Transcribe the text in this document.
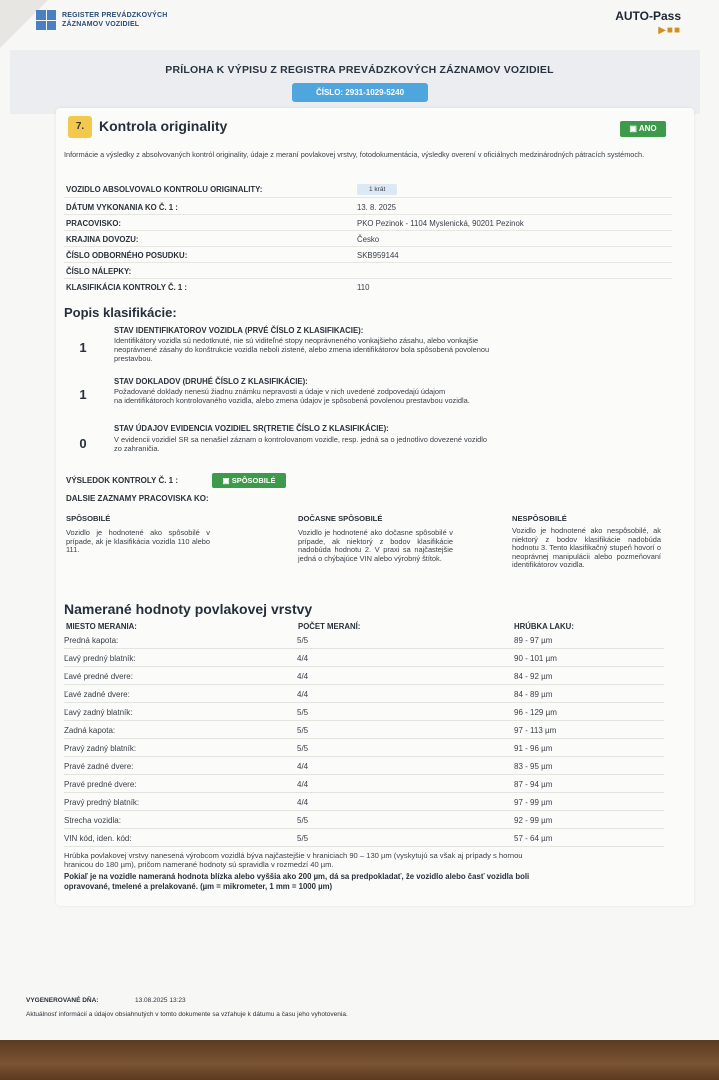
REGISTER PREVÁDZKOVÝCH
ZÁZNAMOV VOZIDIEL
AUTO-Pass
▶■■
PRÍLOHA K VÝPISU Z REGISTRA PREVÁDZKOVÝCH ZÁZNAMOV VOZIDIEL
ČÍSLO: 2931-1029-5240
7.	Kontrola originality	▣ ANO
Informácie a výsledky z absolvovaných kontról originality, údaje z meraní povlakovej vrstvy, fotodokumentácia, výsledky overení v oficiálnych medzinárodných pátracích systémoch.
VOZIDLO ABSOLVOVALO KONTROLU ORIGINALITY:	1 krát
DÁTUM VYKONANIA KO Č. 1 :	13. 8. 2025
PRACOVISKO:	PKO Pezinok - 1104 Myslenická, 90201 Pezinok
KRAJINA DOVOZU:	Česko
ČÍSLO ODBORNÉHO POSUDKU:	SKB959144
ČÍSLO NÁLEPKY:
KLASIFIKÁCIA KONTROLY Č. 1 :	110
Popis klasifikácie:
1
STAV IDENTIFIKATOROV VOZIDLA (PRVÉ ČÍSLO Z KLASIFIKACIE):
Identifikátory vozidla sú nedotknuté, nie sú viditeľné stopy neoprávneného vonkajšieho zásahu, alebo vonkajšie
neoprávnené zásahy do konštrukcie vozidla neboli zistené, alebo zmena identifikátorov bola spôsobená povolenou
prestavbou.
1
STAV DOKLADOV (DRUHÉ ČÍSLO Z KLASIFIKÁCIE):
Požadované doklady nenesú žiadnu známku nepravosti a údaje v nich uvedené zodpovedajú údajom
na identifikátoroch kontrolovaného vozidla, alebo zmena údajov je spôsobená povolenou prestavbou vozidla.
0
STAV ÚDAJOV EVIDENCIA VOZIDIEL SR(TRETIE ČÍSLO Z KLASIFIKÁCIE):
V evidencii vozidiel SR sa nenašiel záznam o kontrolovanom vozidle, resp. jedná sa o jednotlivo dovezené vozidlo
zo zahraničia.
VÝSLEDOK KONTROLY Č. 1 :	▣ SPÔSOBILÉ
DALSIE ZAZNAMY PRACOVISKA KO:
SPÔSOBILÉ
Vozidlo je hodnotené ako spôsobilé v prípade, ak je klasifikácia vozidla 110 alebo 111.
DOČASNE SPÔSOBILÉ
Vozidlo je hodnotené ako dočasne spôsobilé v prípade, ak niektorý z bodov klasifikácie nadobúda hodnotu 2. V praxi sa najčastejšie jedná o chýbajúce VIN alebo výrobný štítok.
NESPÔSOBILÉ
Vozidlo je hodnotené ako nespôsobilé, ak niektorý z bodov klasifikácie nadobúda hodnotu 3. Tento klasifikačný stupeň hovorí o neoprávnej manipulácii alebo pozmeňovaní identifikátorov vozidla.
Namerané hodnoty povlakovej vrstvy
MIESTO MERANIA:	POČET MERANÍ:	HRÚBKA LAKU:
Predná kapota:	5/5	89 - 97 µm
Ľavý predný blatník:	4/4	90 - 101 µm
Ľavé predné dvere:	4/4	84 - 92 µm
Ľavé zadné dvere:	4/4	84 - 89 µm
Ľavý zadný blatník:	5/5	96 - 129 µm
Zadná kapota:	5/5	97 - 113 µm
Pravý zadný blatník:	5/5	91 - 96 µm
Pravé zadné dvere:	4/4	83 - 95 µm
Pravé predné dvere:	4/4	87 - 94 µm
Pravý predný blatník:	4/4	97 - 99 µm
Strecha vozidla:	5/5	92 - 99 µm
VIN kód, iden. kód:	5/5	57 - 64 µm
Hrúbka povlakovej vrstvy nanesená výrobcom vozidlá býva najčastejšie v hraniciach 90 – 130 µm (vyskytujú sa však aj prípady s hornou
hranicou do 180 µm), pričom namerané hodnoty sú spravidla v rozmedzí 40 µm.
Pokiaľ je na vozidle nameraná hodnota blízka alebo vyššia ako 200 µm, dá sa predpokladať, že vozidlo alebo časť vozidla boli
opravované, tmelené a prelakované. (µm = mikrometer, 1 mm = 1000 µm)
VYGENEROVANÉ DŇA:	13.08.2025 13:23
Aktuálnosť informácií a údajov obsiahnutých v tomto dokumente sa vzťahuje k dátumu a času jeho vyhotovenia.
